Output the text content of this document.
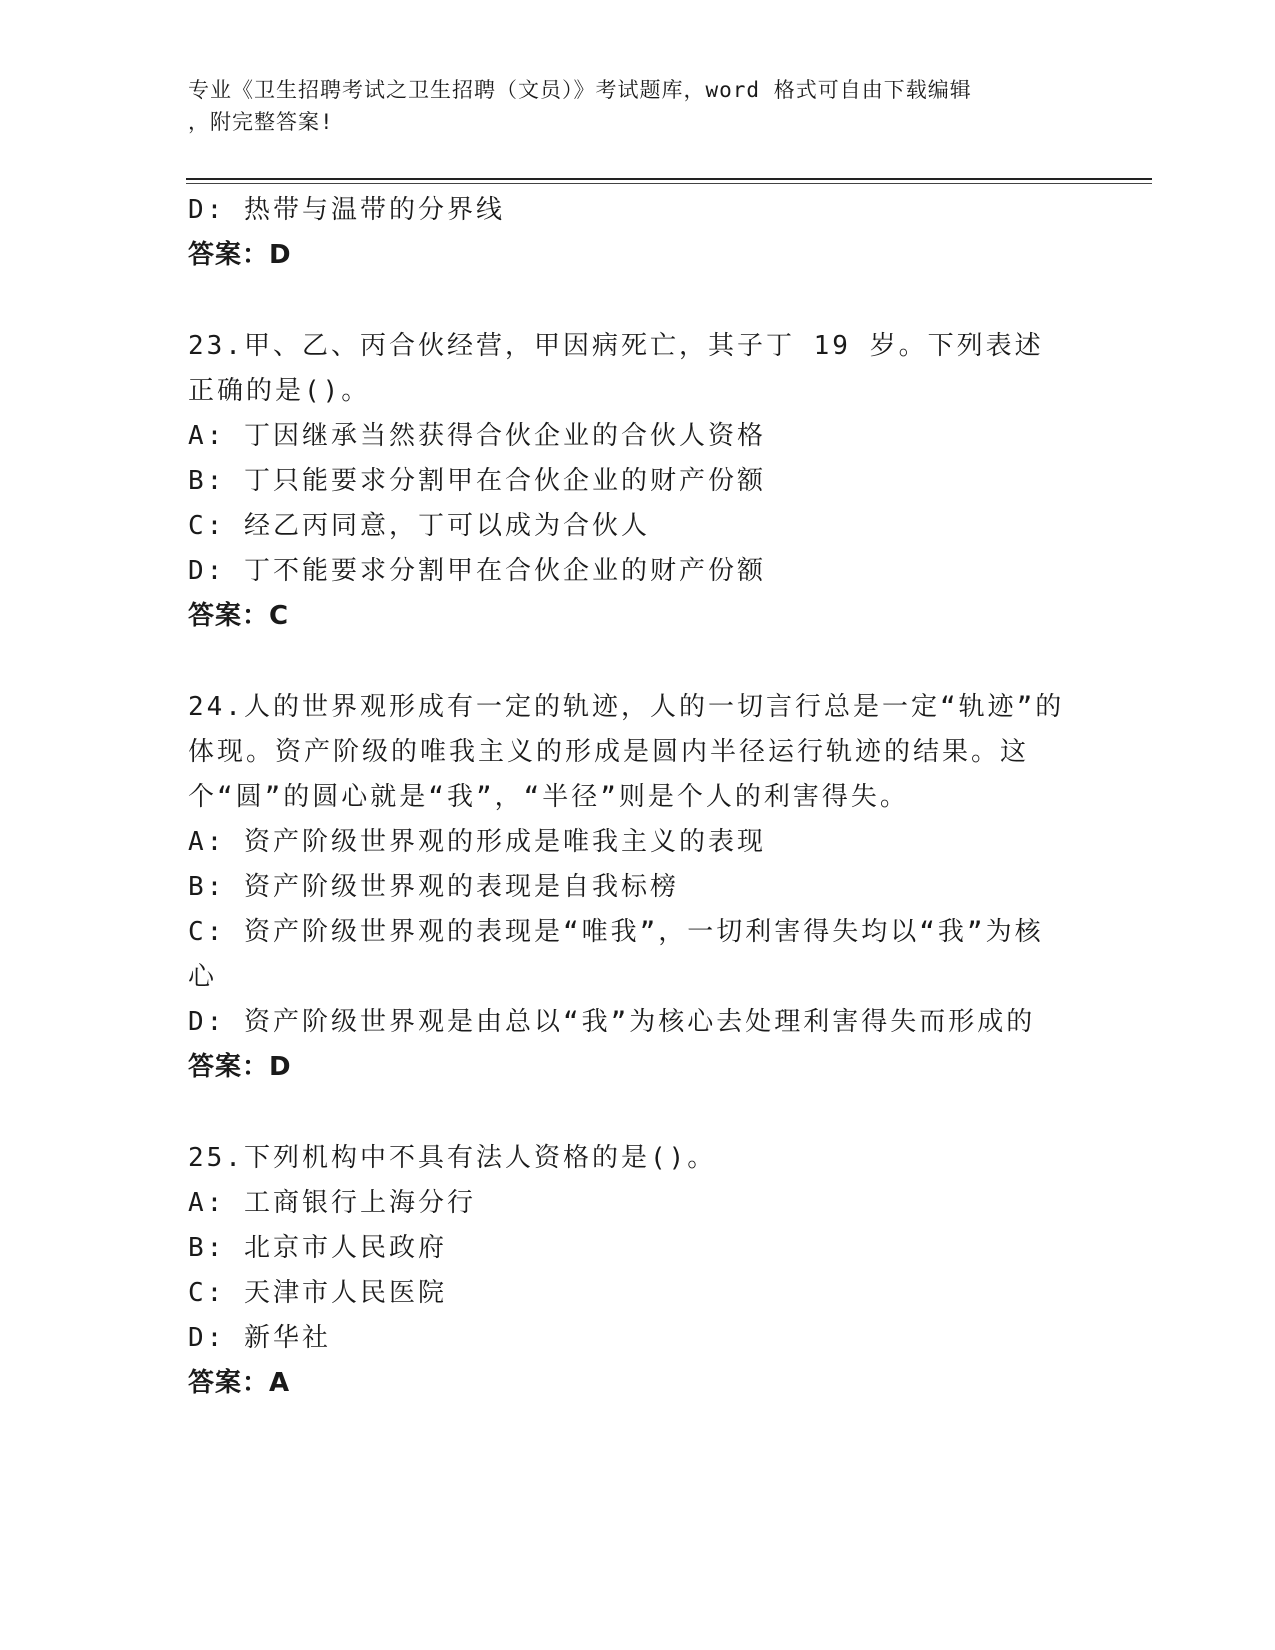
专业《卫生招聘考试之卫生招聘（文员）》考试题库，word 格式可自由下载编辑
，附完整答案!
D: 热带与温带的分界线
答案：D
23.甲、乙、丙合伙经营，甲因病死亡，其子丁 19 岁。下列表述正确的是()。
A: 丁因继承当然获得合伙企业的合伙人资格
B: 丁只能要求分割甲在合伙企业的财产份额
C: 经乙丙同意，丁可以成为合伙人
D: 丁不能要求分割甲在合伙企业的财产份额
答案：C
24.人的世界观形成有一定的轨迹，人的一切言行总是一定“轨迹”的体现。资产阶级的唯我主义的形成是圆内半径运行轨迹的结果。这个“圆”的圆心就是“我”，“半径”则是个人的利害得失。
A: 资产阶级世界观的形成是唯我主义的表现
B: 资产阶级世界观的表现是自我标榜
C: 资产阶级世界观的表现是“唯我”，一切利害得失均以“我”为核心
D: 资产阶级世界观是由总以“我”为核心去处理利害得失而形成的
答案：D
25.下列机构中不具有法人资格的是()。
A: 工商银行上海分行
B: 北京市人民政府
C: 天津市人民医院
D: 新华社
答案：A
